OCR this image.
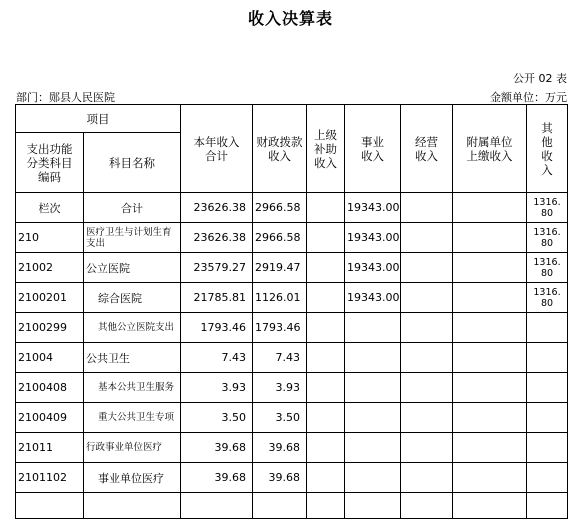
收入决算表
公开 02 表
部门：郧县人民医院	金额单位：万元
项目		本年收入合计	财政拨款收入	上级补助收入	事业收入	经营收入	附属单位上缴收入	其他收入
支出功能分类科目编码	科目名称							
栏次	合计	23626.38	2966.58		19343.00			1316.80
210	医疗卫生与计划生育支出	23626.38	2966.58		19343.00			1316.80
21002	公立医院	23579.27	2919.47		19343.00			1316.80
2100201	综合医院	21785.81	1126.01		19343.00			1316.80
2100299	其他公立医院支出	1793.46	1793.46					
21004	公共卫生	7.43	7.43					
2100408	基本公共卫生服务	3.93	3.93					
2100409	重大公共卫生专项	3.50	3.50					
21011	行政事业单位医疗	39.68	39.68					
2101102	事业单位医疗	39.68	39.68					
